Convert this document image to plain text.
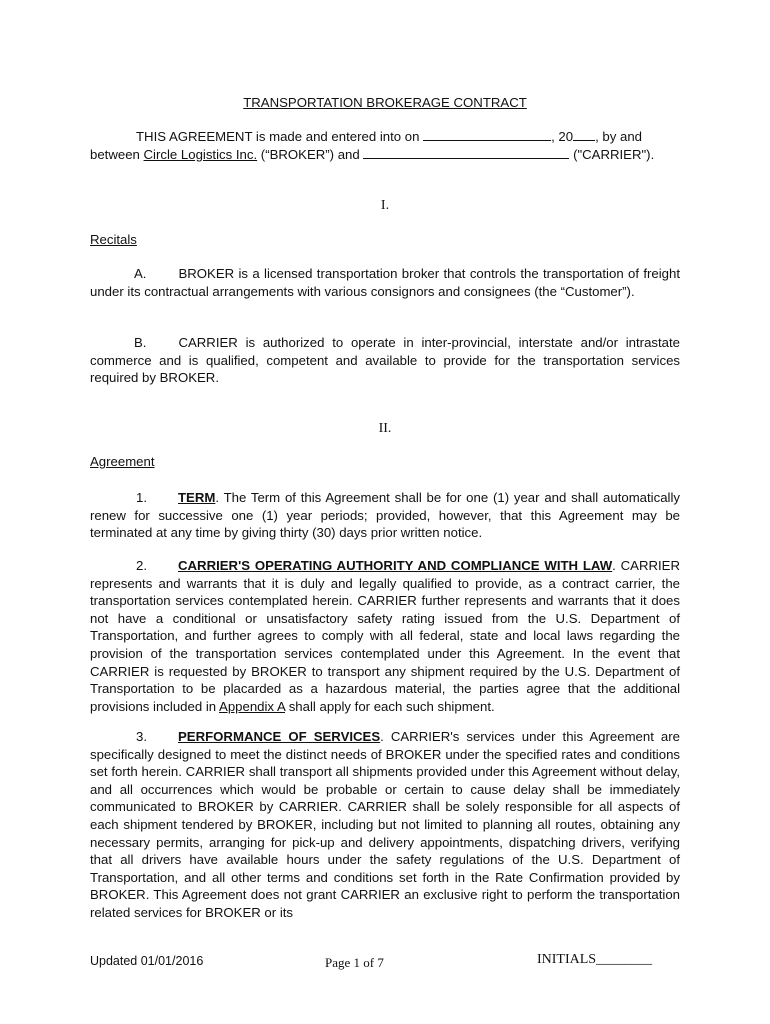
TRANSPORTATION BROKERAGE CONTRACT
THIS AGREEMENT is made and entered into on	, 20 , by and
between Circle Logistics Inc. (“BROKER”) and	("CARRIER").
I.
Recitals
A. BROKER is a licensed transportation broker that controls the transportation of freight under its contractual arrangements with various consignors and consignees (the “Customer”).
B. CARRIER is authorized to operate in inter-provincial, interstate and/or intrastate commerce and is qualified, competent and available to provide for the transportation services required by BROKER.
II.
Agreement
1. TERM. The Term of this Agreement shall be for one (1) year and shall automatically renew for successive one (1) year periods; provided, however, that this Agreement may be terminated at any time by giving thirty (30) days prior written notice.
2. CARRIER'S OPERATING AUTHORITY AND COMPLIANCE WITH LAW. CARRIER represents and warrants that it is duly and legally qualified to provide, as a contract carrier, the transportation services contemplated herein. CARRIER further represents and warrants that it does not have a conditional or unsatisfactory safety rating issued from the U.S. Department of Transportation, and further agrees to comply with all federal, state and local laws regarding the provision of the transportation services contemplated under this Agreement. In the event that CARRIER is requested by BROKER to transport any shipment required by the U.S. Department of Transportation to be placarded as a hazardous material, the parties agree that the additional provisions included in Appendix A shall apply for each such shipment.
3. PERFORMANCE OF SERVICES. CARRIER's services under this Agreement are specifically designed to meet the distinct needs of BROKER under the specified rates and conditions set forth herein. CARRIER shall transport all shipments provided under this Agreement without delay, and all occurrences which would be probable or certain to cause delay shall be immediately communicated to BROKER by CARRIER. CARRIER shall be solely responsible for all aspects of each shipment tendered by BROKER, including but not limited to planning all routes, obtaining any necessary permits, arranging for pick-up and delivery appointments, dispatching drivers, verifying that all drivers have available hours under the safety regulations of the U.S. Department of Transportation, and all other terms and conditions set forth in the Rate Confirmation provided by BROKER. This Agreement does not grant CARRIER an exclusive right to perform the transportation related services for BROKER or its
Updated 01/01/2016	Page 1 of 7	INITIALS________
